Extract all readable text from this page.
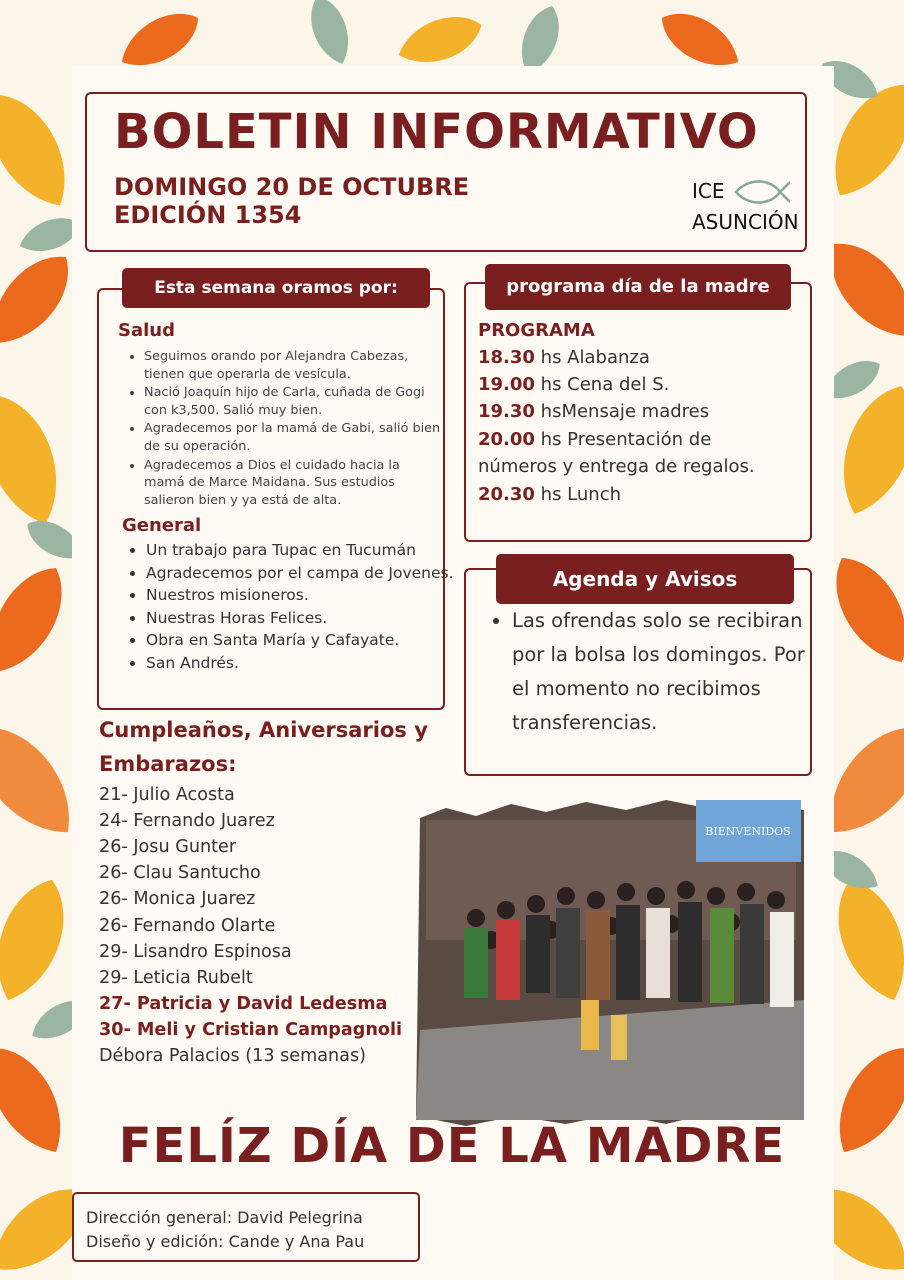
BOLETIN INFORMATIVO

DOMINGO 20 DE OCTUBRE

EDICIÓN 1354

ICE
ASUNCIÓN
Esta semana oramos por:
Salud
• Seguimos orando por Alejandra Cabezas, tienen que operarla de vesícula.
• Nació Joaquín hijo de Carla, cuñada de Gogi con k3,500. Salió muy bien.
• Agradecemos por la mamá de Gabi, salió bien de su operación.
• Agradecemos a Dios el cuidado hacia la mamá de Marce Maidana. Sus estudios salieron bien y ya está de alta.
General
• Un trabajo para Tupac en Tucumán
• Agradecemos por el campa de Jovenes.
• Nuestros misioneros.
• Nuestras Horas Felices.
• Obra en Santa María y Cafayate.
• San Andrés.
programa día de la madre
PROGRAMA

18.30 hs Alabanza

19.00 hs Cena del S.

19.30 hsMensaje madres

20.00 hs Presentación de

números y entrega de regalos.

20.30 hs Lunch

Agenda y Avisos
• Las ofrendas solo se recibiran por la bolsa los domingos. Por el momento no recibimos transferencias.
Cumpleaños, Aniversarios y Embarazos:

21- Julio Acosta

24- Fernando Juarez

26- Josu Gunter

26- Clau Santucho

26- Monica Juarez

26- Fernando Olarte

29- Lisandro Espinosa

29- Leticia Rubelt

27- Patricia y David Ledesma

30- Meli y Cristian Campagnoli

Débora Palacios (13 semanas)

BIENVENIDOS
FELÍZ DÍA DE LA MADRE

Dirección general: David Pelegrina

Diseño y edición: Cande y Ana Pau
